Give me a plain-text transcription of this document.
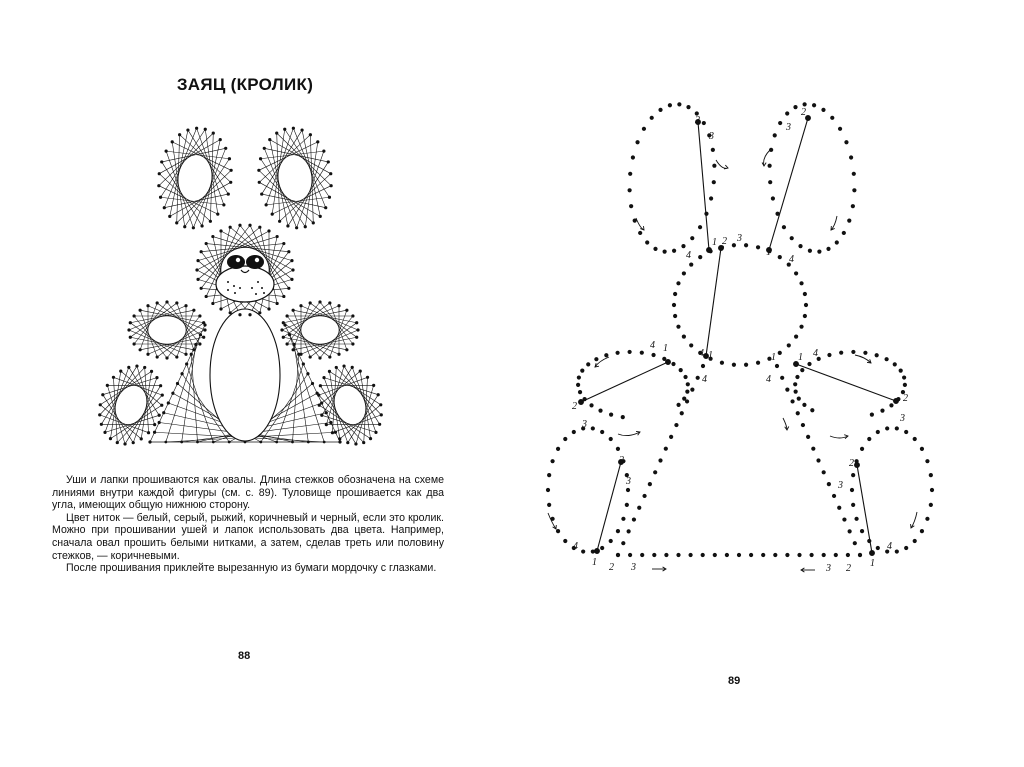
ЗАЯЦ (КРОЛИК)

Уши и лапки прошиваются как овалы. Длина стежков обозначена на схеме линиями внутри каждой фигуры (см. с. 89). Туловище прошивается как два угла, имеющих общую нижнюю сторону.

Цвет ниток — белый, серый, рыжий, коричневый и черный, если это кролик. Можно при прошивании ушей и лапок использовать два цвета. Например, сначала овал прошить белыми нитками, а затем, сделав треть или половину стежков, — коричневыми.

После прошивания приклейте вырезанную из бумаги мордочку с глазками.

88
2
3
4
1 2 3
2
3
1
4
4 1
4
1
4
1
4
2
3
1 4
2
3
2
3
4
1 2 3
2
3
4
1
2
3
89
